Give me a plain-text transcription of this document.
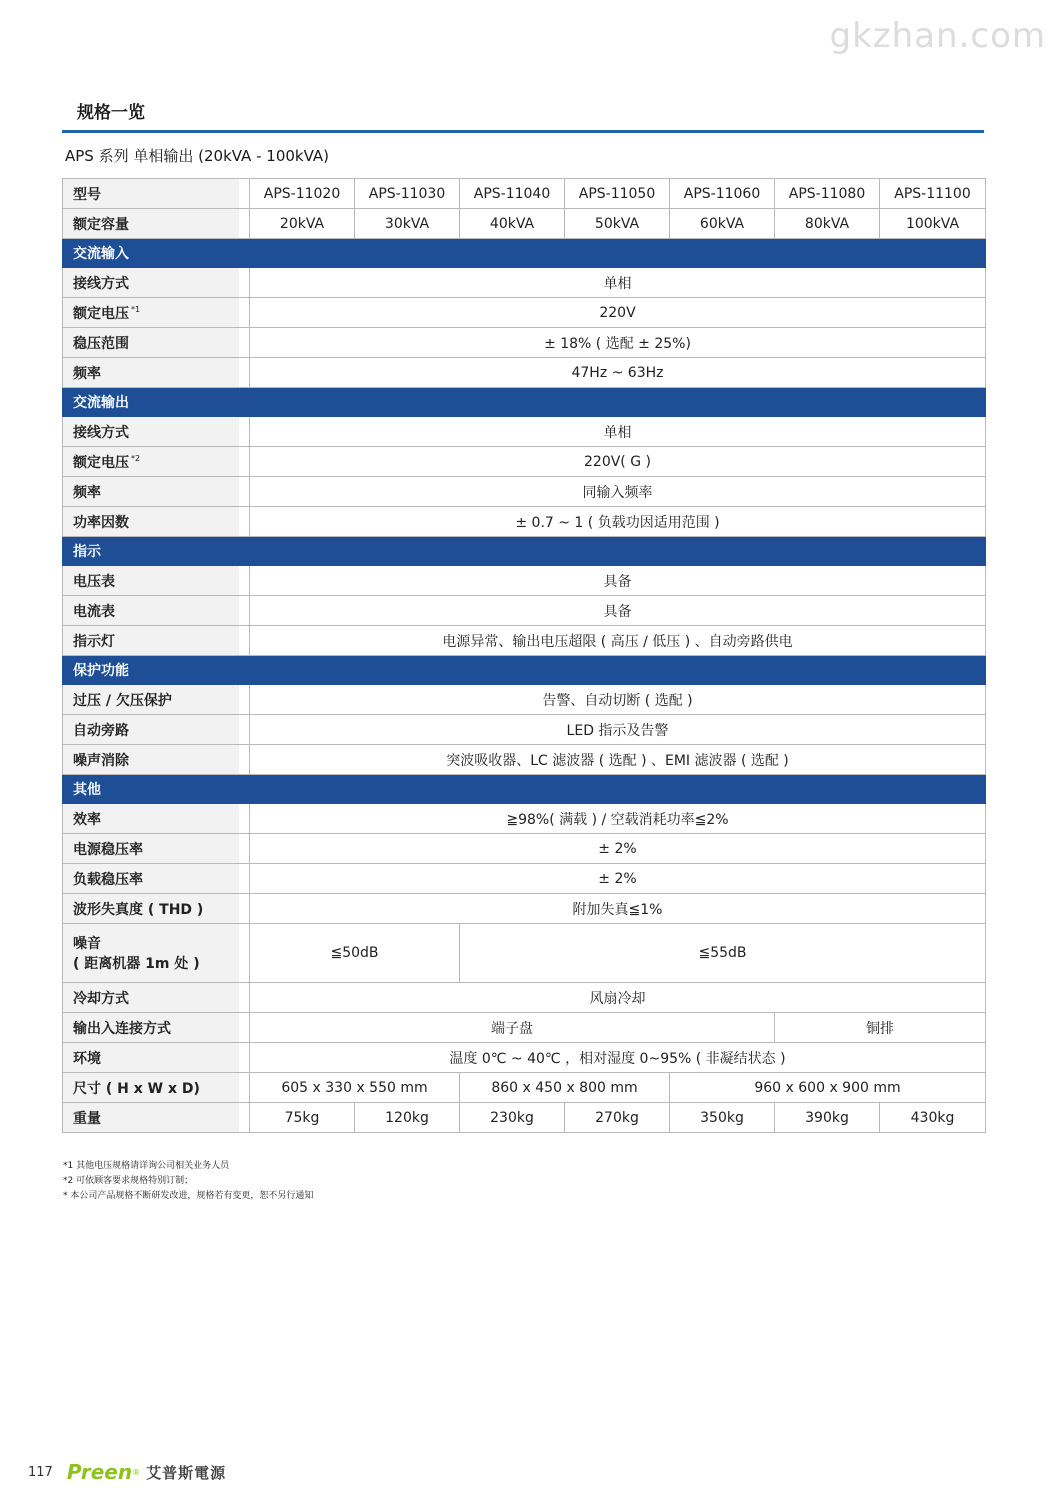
gkzhan.com
规格一览
APS 系列 单相输出 (20kVA - 100kVA)
型号		APS-11020	APS-11030	APS-11040	APS-11050	APS-11060	APS-11080	APS-11100
额定容量		20kVA	30kVA	40kVA	50kVA	60kVA	80kVA	100kVA
交流输入								
接线方式		单相						
额定电压 $^{*1}$		220V						
稳压范围		± 18% ( 选配 ± 25%)						
频率		47Hz ~ 63Hz						
交流输出								
接线方式		单相						
额定电压 $^{*2}$		220V( G )						
频率		同输入频率						
功率因数		± 0.7 ~ 1 ( 负载功因适用范围 )						
指示								
电压表		具备						
电流表		具备						
指示灯		电源异常、输出电压超限 ( 高压 / 低压 ) 、自动旁路供电						
保护功能								
过压 / 欠压保护		告警、自动切断 ( 选配 )						
自动旁路		LED 指示及告警						
噪声消除		突波吸收器、LC 滤波器 ( 选配 ) 、EMI 滤波器 ( 选配 )						
其他								
效率		≧98%( 满载 ) / 空载消耗功率≦2%						
电源稳压率		± 2%						
负载稳压率		± 2%						
波形失真度 ( THD )		附加失真≦1%						

噪音
( 距离机器 1m 处 )		≦50dB		≦55dB				
冷却方式		风扇冷却						
输出入连接方式		端子盘					铜排	
环境		温度 0℃ ~ 40℃ ，相对湿度 0~95% ( 非凝结状态 )						
尺寸 ( H x W x D)		605 x 330 x 550 mm		860 x 450 x 800 mm		960 x 600 x 900 mm		
重量		75kg	120kg	230kg	270kg	350kg	390kg	430kg
*1 其他电压规格请详询公司相关业务人员
*2 可依顾客要求规格特别订制；
* 本公司产品规格不断研发改进，规格若有变更，恕不另行通知
117 Preen ® 艾普斯電源
